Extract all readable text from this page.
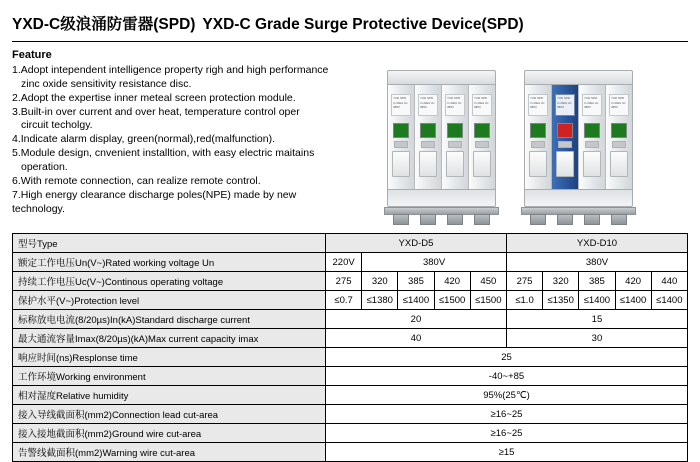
YXD-C级浪涌防雷器(SPD) YXD-C Grade Surge Protective Device(SPD)
Feature
1.Adopt intependent intelligence property righ and high performance
zinc oxide sensitivity resistance disc.
2.Adopt the expertise inner meteal screen protection module.
3.Built-in over current and over heat, temperature control oper
circuit techolgy.
4.Indicate alarm display, green(normal),red(malfunction).
5.Module design, cnvenient installtion, with easy electric maitains
operation.
6.With remote connection, can realize remote control.
7.High energy clearance discharge poles(NPE) made by new
technology.
YXD SPD In 20kA Uc 385V
YXD SPD In 20kA Uc 385V
YXD SPD In 20kA Uc 385V
YXD SPD In 20kA Uc 385V
YXD SPD In 20kA Uc 385V
YXD SPD In 20kA Uc 385V
YXD SPD In 20kA Uc 385V
YXD SPD In 20kA Uc 385V
型号Type	YXD-D5					YXD-D10				
额定工作电压Un(V~)Rated working voltage Un	220V	380V				380V				
持续工作电压Uc(V~)Continous operating voltage	275	320	385	420	450	275	320	385	420	440
保护水平(V~)Protection level	≤0.7	≤1380	≤1400	≤1500	≤1500	≤1.0	≤1350	≤1400	≤1400	≤1400
标称放电电流(8/20µs)In(kA)Standard discharge current	20					15				
最大通流容量Imax(8/20µs)(kA)Max current capacity imax	40					30				
响应时间(ns)Resplonse time	25									
工作环境Working environment	-40~+85									
相对湿度Relative humidity	95%(25℃)									
接入导线截面积(mm2)Connection lead cut-area	≥16~25									
接入接地截面积(mm2)Ground wire cut-area	≥16~25									
告警线截面积(mm2)Warning wire cut-area	≥15									
